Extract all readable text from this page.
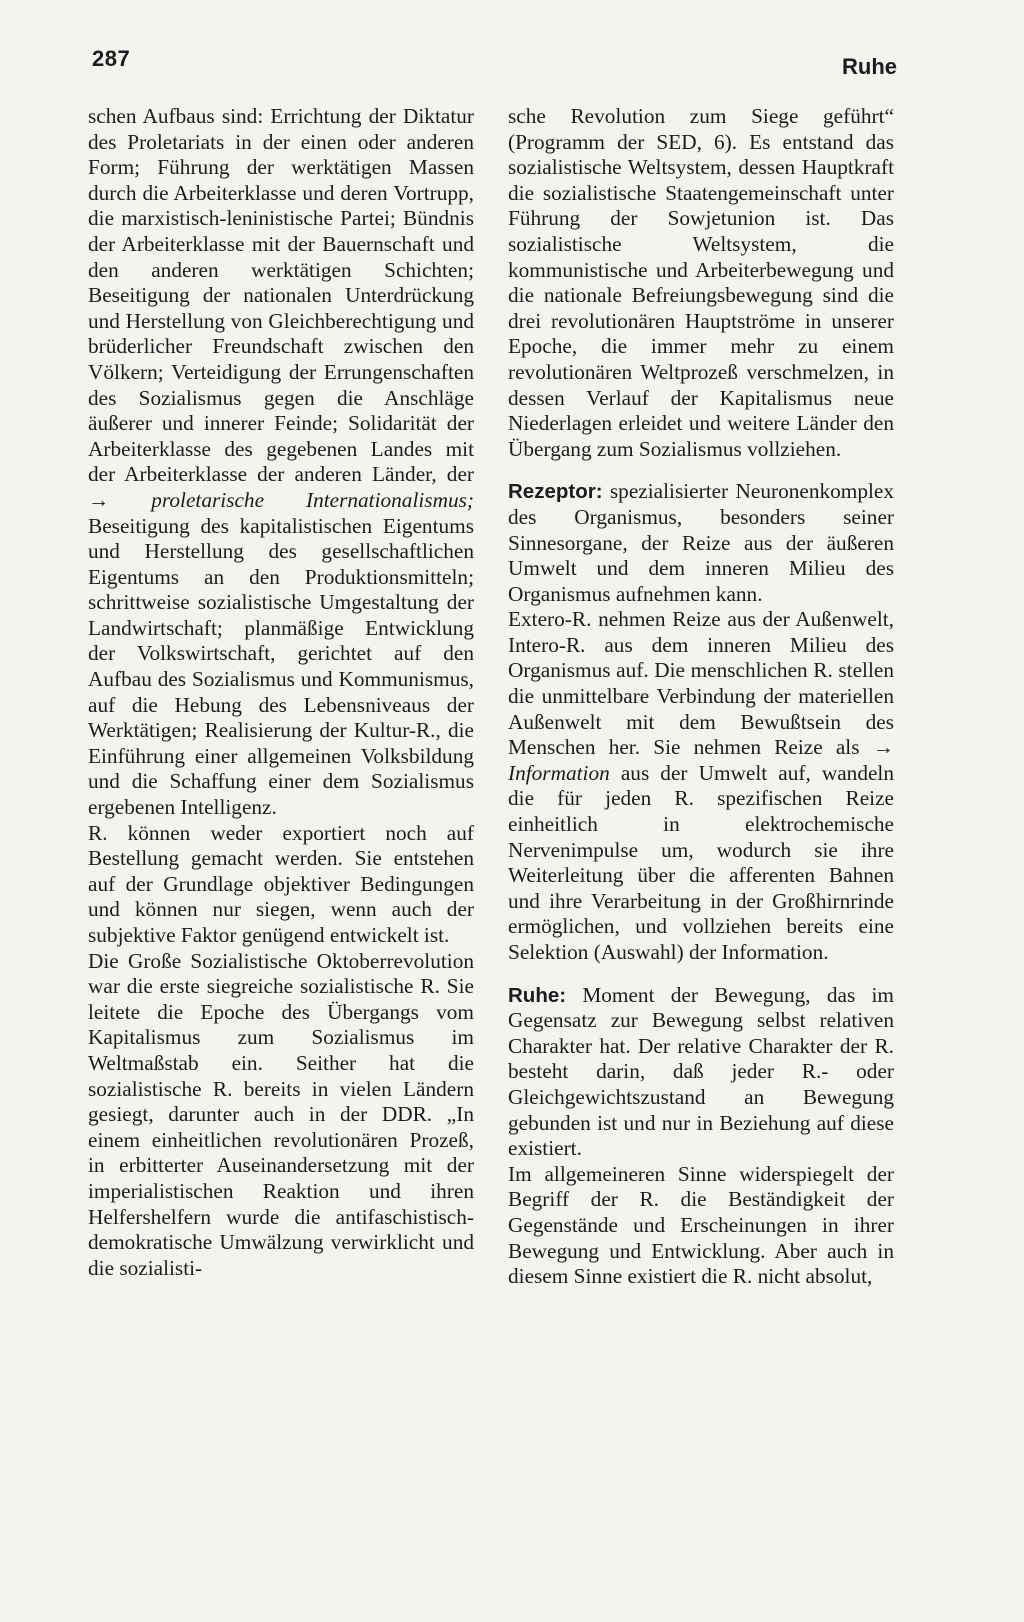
287	Ruhe

schen Aufbaus sind: Errichtung der Diktatur des Proletariats in der einen oder anderen Form; Führung der werktätigen Massen durch die Arbeiterklasse und deren Vortrupp, die marxistisch-leninistische Partei; Bündnis der Arbeiterklasse mit der Bauernschaft und den anderen werktätigen Schichten; Beseitigung der nationalen Unterdrückung und Herstellung von Gleichberechtigung und brüderlicher Freundschaft zwischen den Völkern; Verteidigung der Errungenschaften des Sozialismus gegen die Anschläge äußerer und innerer Feinde; Solidarität der Arbeiterklasse des gegebenen Landes mit der Arbeiterklasse der anderen Länder, der → proletarische Internationalismus; Beseitigung des kapitalistischen Eigentums und Herstellung des gesellschaftlichen Eigentums an den Produktionsmitteln; schrittweise sozialistische Umgestaltung der Landwirtschaft; planmäßige Entwicklung der Volkswirtschaft, gerichtet auf den Aufbau des Sozialismus und Kommunismus, auf die Hebung des Lebensniveaus der Werktätigen; Realisierung der Kultur-R., die Einführung einer allgemeinen Volksbildung und die Schaffung einer dem Sozialismus ergebenen Intelligenz.

R. können weder exportiert noch auf Bestellung gemacht werden. Sie entstehen auf der Grundlage objektiver Bedingungen und können nur siegen, wenn auch der subjektive Faktor genügend entwickelt ist.

Die Große Sozialistische Oktoberrevolution war die erste siegreiche sozialistische R. Sie leitete die Epoche des Übergangs vom Kapitalismus zum Sozialismus im Weltmaßstab ein. Seither hat die sozialistische R. bereits in vielen Ländern gesiegt, darunter auch in der DDR. „In einem einheitlichen revolutionären Prozeß, in erbitterter Auseinandersetzung mit der imperialistischen Reaktion und ihren Helfershelfern wurde die antifaschistisch-demokratische Umwälzung verwirklicht und die sozialisti-

sche Revolution zum Siege geführt“ (Programm der SED, 6). Es entstand das sozialistische Weltsystem, dessen Hauptkraft die sozialistische Staatengemeinschaft unter Führung der Sowjetunion ist. Das sozialistische Weltsystem, die kommunistische und Arbeiterbewegung und die nationale Befreiungsbewegung sind die drei revolutionären Hauptströme in unserer Epoche, die immer mehr zu einem revolutionären Weltprozeß verschmelzen, in dessen Verlauf der Kapitalismus neue Niederlagen erleidet und weitere Länder den Übergang zum Sozialismus vollziehen.

Rezeptor: spezialisierter Neuronenkomplex des Organismus, besonders seiner Sinnesorgane, der Reize aus der äußeren Umwelt und dem inneren Milieu des Organismus aufnehmen kann.

Extero-R. nehmen Reize aus der Außenwelt, Intero-R. aus dem inneren Milieu des Organismus auf. Die menschlichen R. stellen die unmittelbare Verbindung der materiellen Außenwelt mit dem Bewußtsein des Menschen her. Sie nehmen Reize als → Information aus der Umwelt auf, wandeln die für jeden R. spezifischen Reize einheitlich in elektrochemische Nervenimpulse um, wodurch sie ihre Weiterleitung über die afferenten Bahnen und ihre Verarbeitung in der Großhirnrinde ermöglichen, und vollziehen bereits eine Selektion (Auswahl) der Information.

Ruhe: Moment der Bewegung, das im Gegensatz zur Bewegung selbst relativen Charakter hat. Der relative Charakter der R. besteht darin, daß jeder R.- oder Gleichgewichtszustand an Bewegung gebunden ist und nur in Beziehung auf diese existiert.

Im allgemeineren Sinne widerspiegelt der Begriff der R. die Beständigkeit der Gegenstände und Erscheinungen in ihrer Bewegung und Entwicklung. Aber auch in diesem Sinne existiert die R. nicht absolut,
